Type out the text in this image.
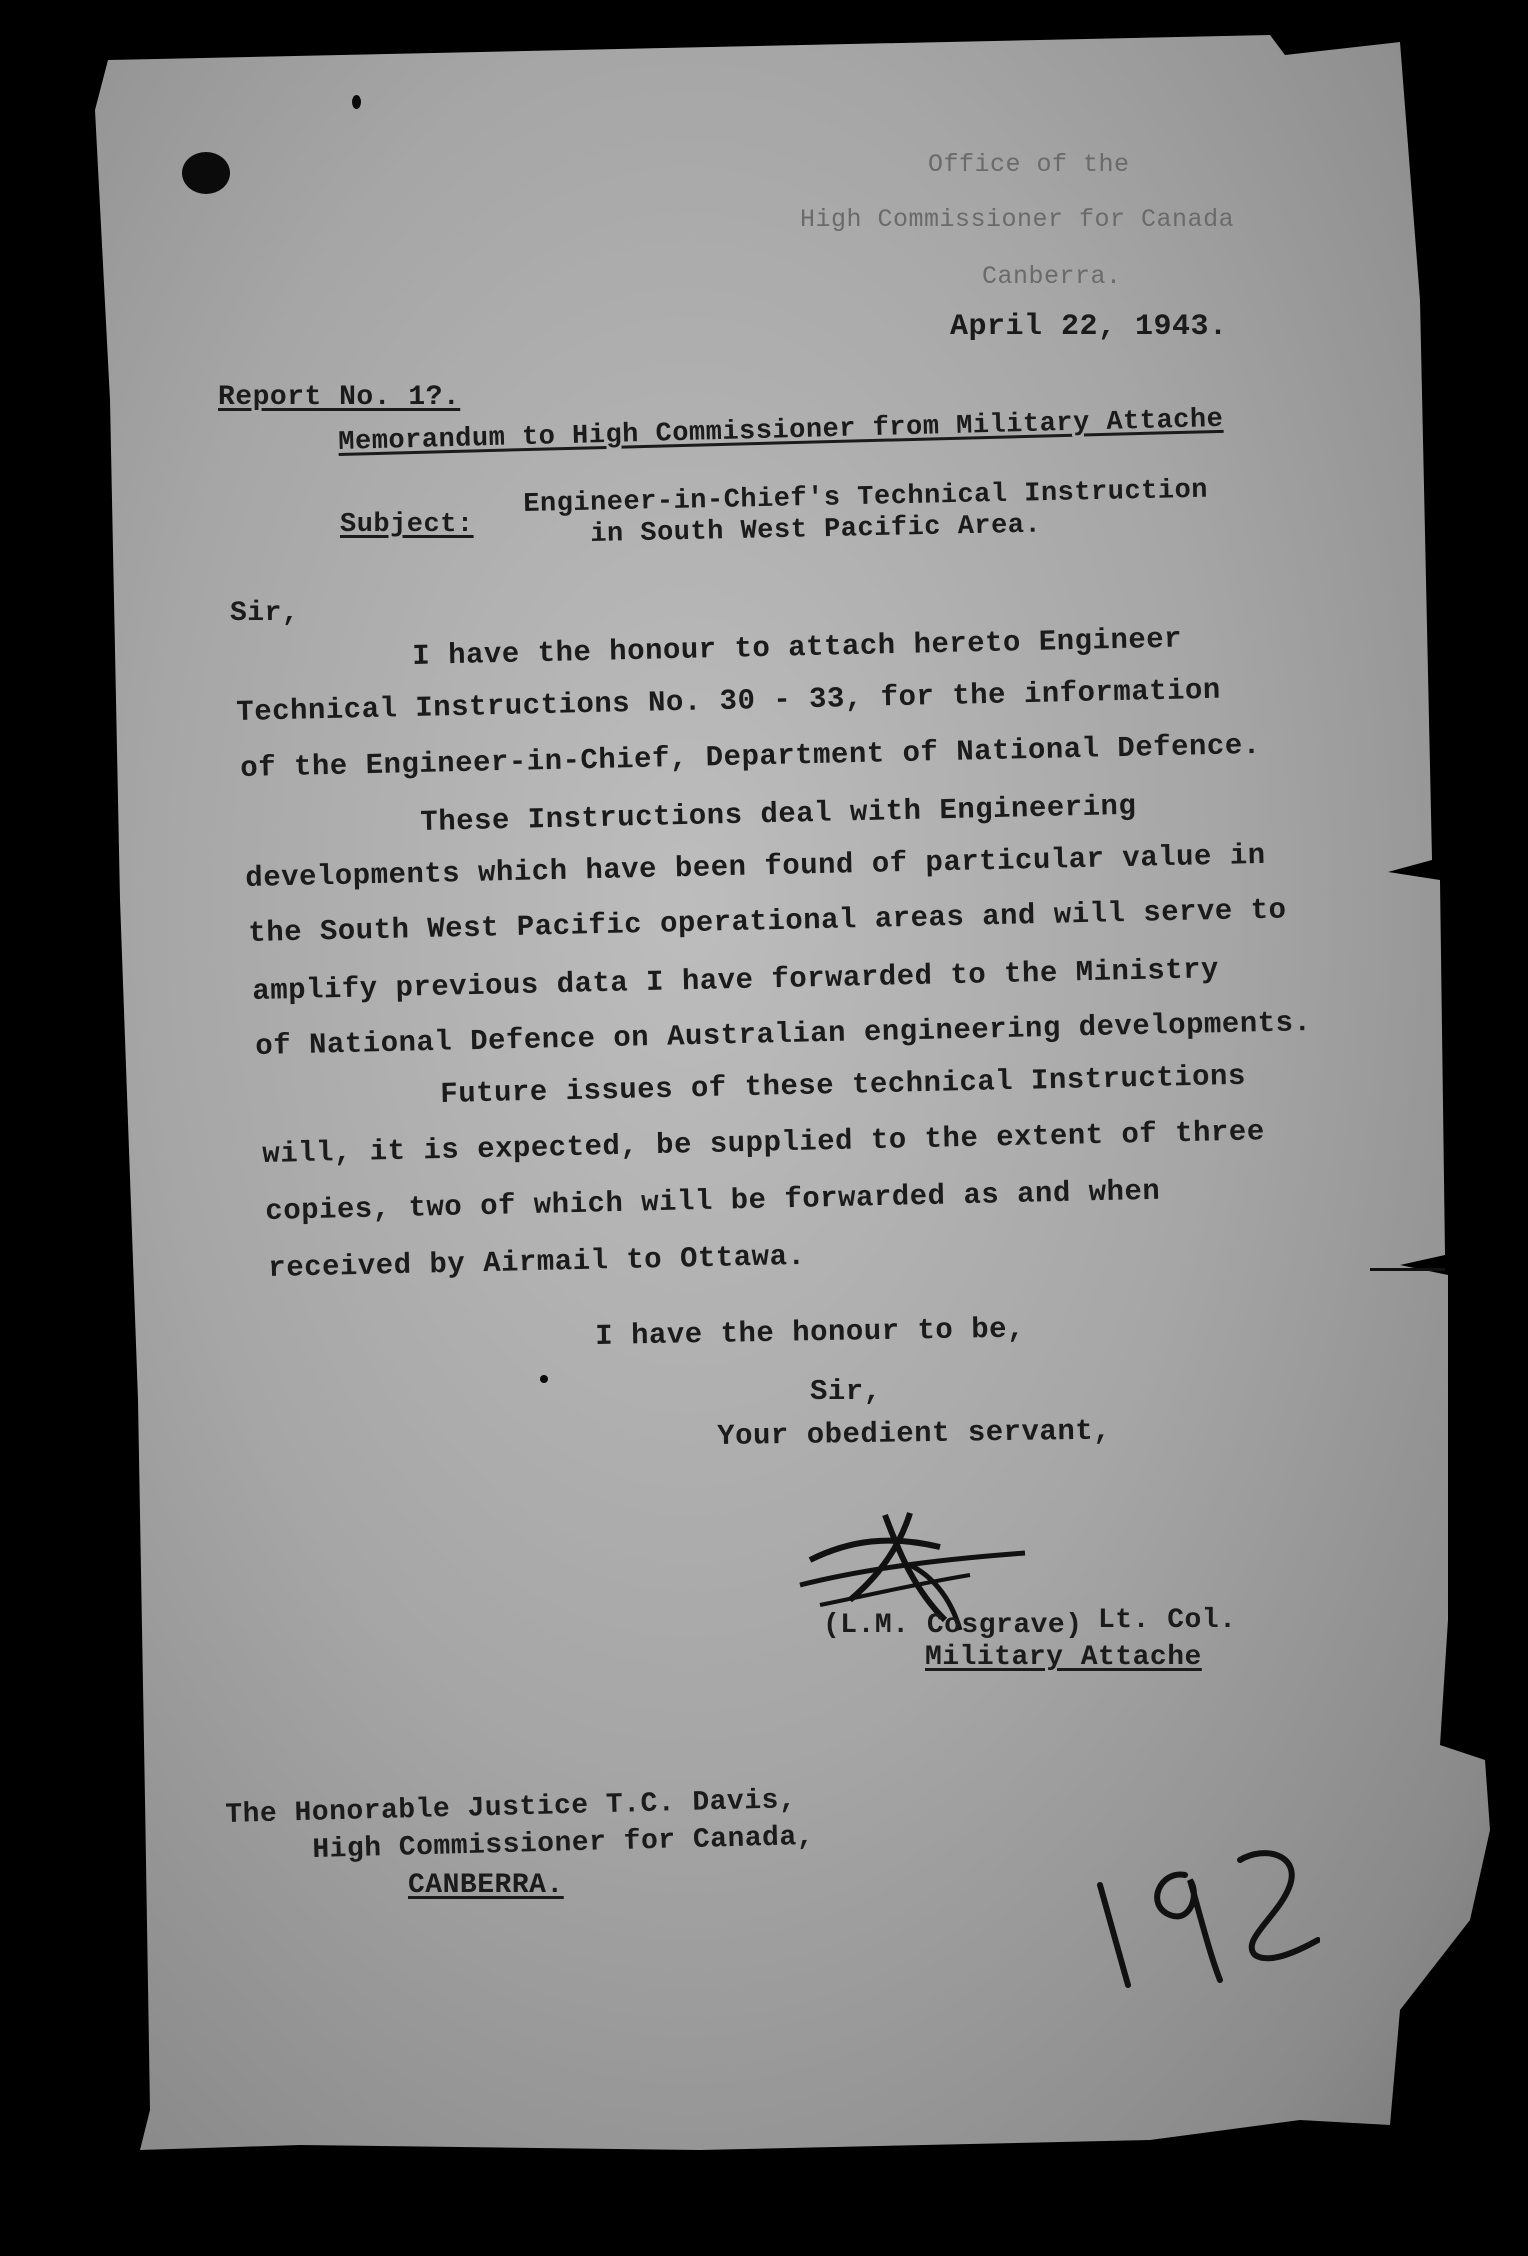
Office of the
High Commissioner for Canada
Canberra.
April 22, 1943.
Report No. 1?.
Memorandum to High Commissioner from Military Attache
Subject:
Engineer-in-Chief's Technical Instruction
in South West Pacific Area.
Sir,
I have the honour to attach hereto Engineer
Technical Instructions No. 30 - 33, for the information
of the Engineer-in-Chief, Department of National Defence.
These Instructions deal with Engineering
developments which have been found of particular value in
the South West Pacific operational areas and will serve to
amplify previous data I have forwarded to the Ministry
of National Defence on Australian engineering developments.
Future issues of these technical Instructions
will, it is expected, be supplied to the extent of three
copies, two of which will be forwarded as and when
received by Airmail to Ottawa.
I have the honour to be,
Sir,
Your obedient servant,
(L.M. Cosgrave) Lt. Col.
Military Attache
The Honorable Justice T.C. Davis,
High Commissioner for Canada,
CANBERRA.
